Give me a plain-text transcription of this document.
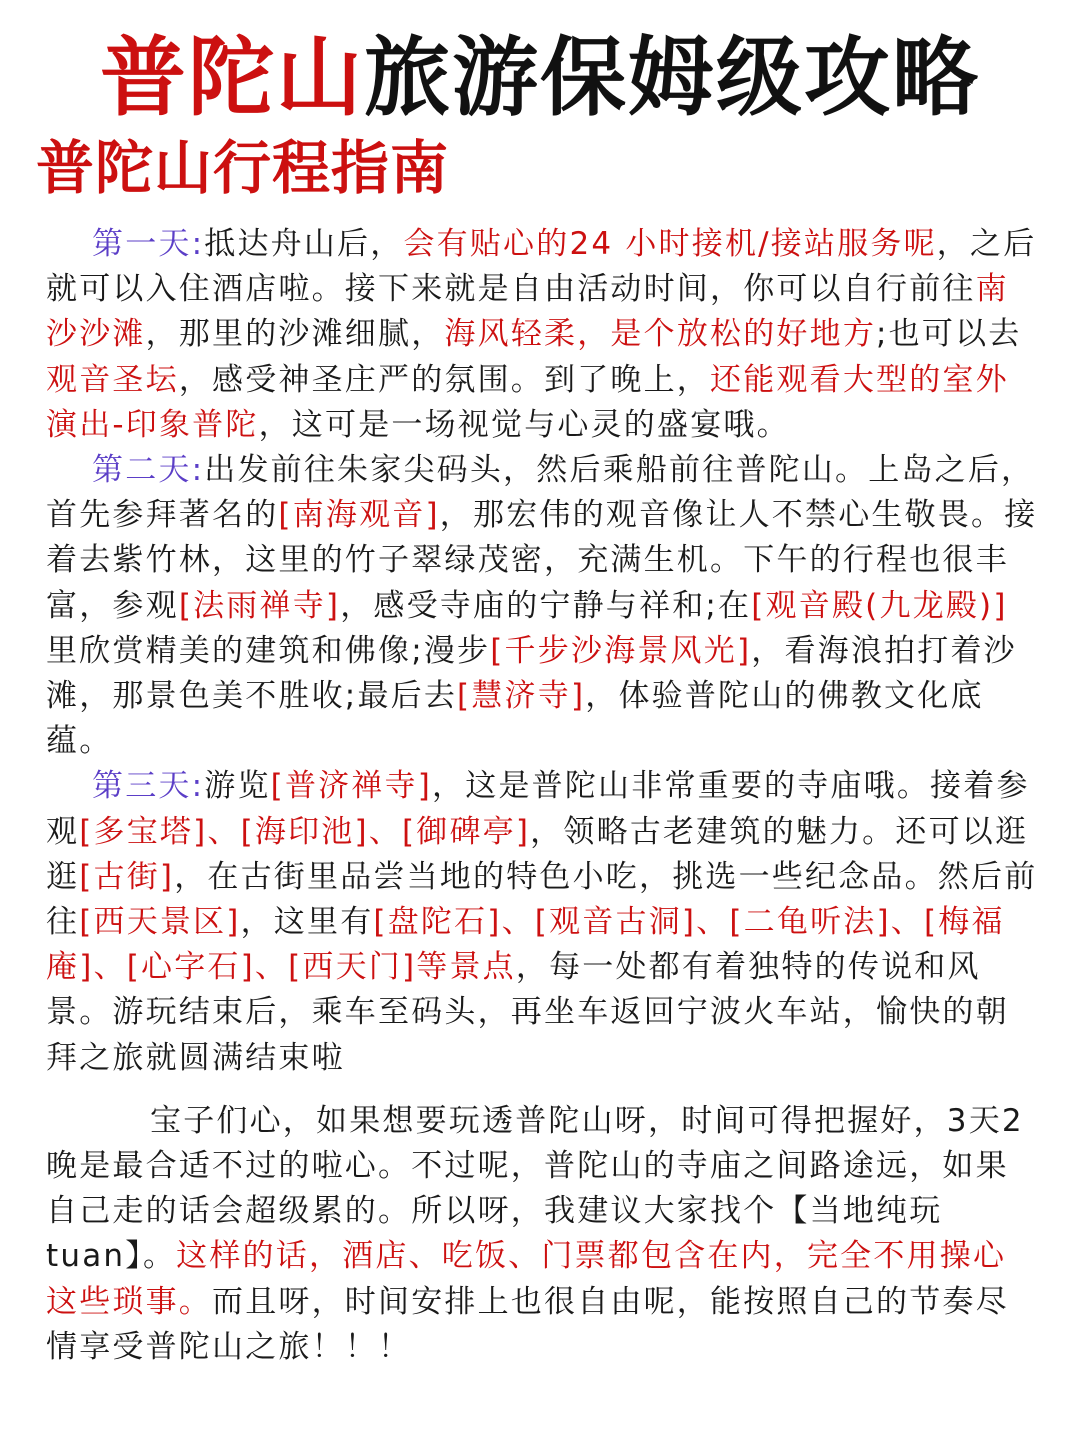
普陀山旅游保姆级攻略
普陀山行程指南

第一天:抵达舟山后，会有贴心的24 小时接机/接站服务呢，之后就可以入住酒店啦。接下来就是自由活动时间，你可以自行前往南沙沙滩，那里的沙滩细腻，海风轻柔，是个放松的好地方;也可以去观音圣坛，感受神圣庄严的氛围。到了晚上，还能观看大型的室外演出-印象普陀，这可是一场视觉与心灵的盛宴哦。

第二天:出发前往朱家尖码头，然后乘船前往普陀山。上岛之后，首先参拜著名的[南海观音]，那宏伟的观音像让人不禁心生敬畏。接着去紫竹林，这里的竹子翠绿茂密，充满生机。下午的行程也很丰富，参观[法雨禅寺]，感受寺庙的宁静与祥和;在[观音殿(九龙殿)]里欣赏精美的建筑和佛像;漫步[千步沙海景风光]，看海浪拍打着沙滩，那景色美不胜收;最后去[慧济寺]，体验普陀山的佛教文化底蕴。

第三天:游览[普济禅寺]，这是普陀山非常重要的寺庙哦。接着参观[多宝塔]、[海印池]、[御碑亭]，领略古老建筑的魅力。还可以逛逛[古街]，在古街里品尝当地的特色小吃，挑选一些纪念品。然后前往[西天景区]，这里有[盘陀石]、[观音古洞]、[二龟听法]、[梅福庵]、[心字石]、[西天门]等景点，每一处都有着独特的传说和风景。游玩结束后，乘车至码头，再坐车返回宁波火车站，愉快的朝拜之旅就圆满结束啦

宝子们心，如果想要玩透普陀山呀，时间可得把握好，3天2晚是最合适不过的啦心。不过呢，普陀山的寺庙之间路途远，如果自己走的话会超级累的。所以呀，我建议大家找个【当地纯玩tuan】。这样的话，酒店、吃饭、门票都包含在内，完全不用操心这些琐事。而且呀，时间安排上也很自由呢，能按照自己的节奏尽情享受普陀山之旅！！！
